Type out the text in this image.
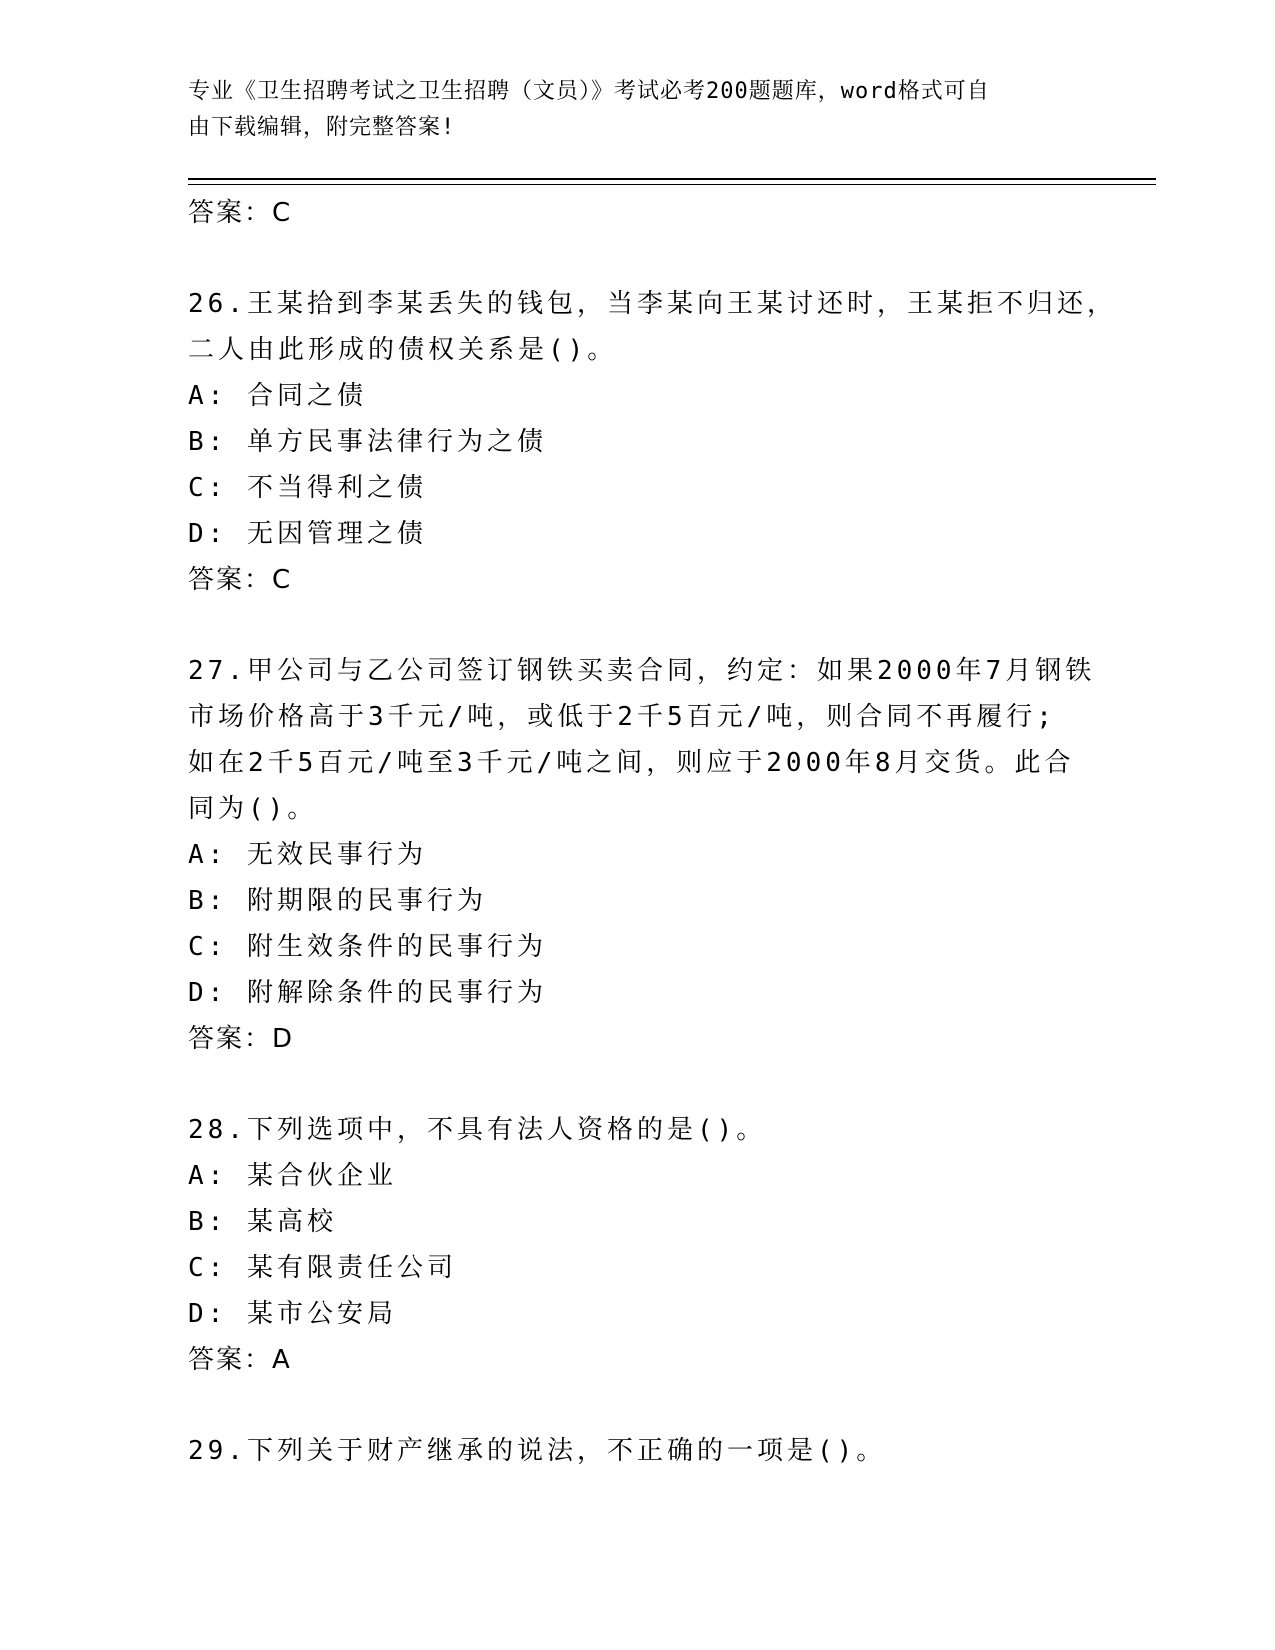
专业《卫生招聘考试之卫生招聘（文员）》考试必考200题题库，word格式可自
由下载编辑，附完整答案!
答案：C
26.王某拾到李某丢失的钱包，当李某向王某讨还时，王某拒不归还，
二人由此形成的债权关系是()。
A: 合同之债
B: 单方民事法律行为之债
C: 不当得利之债
D: 无因管理之债
答案：C
27.甲公司与乙公司签订钢铁买卖合同，约定：如果2000年7月钢铁
市场价格高于3千元/吨，或低于2千5百元/吨，则合同不再履行;
如在2千5百元/吨至3千元/吨之间，则应于2000年8月交货。此合
同为()。
A: 无效民事行为
B: 附期限的民事行为
C: 附生效条件的民事行为
D: 附解除条件的民事行为
答案：D
28.下列选项中，不具有法人资格的是()。
A: 某合伙企业
B: 某高校
C: 某有限责任公司
D: 某市公安局
答案：A
29.下列关于财产继承的说法，不正确的一项是()。
